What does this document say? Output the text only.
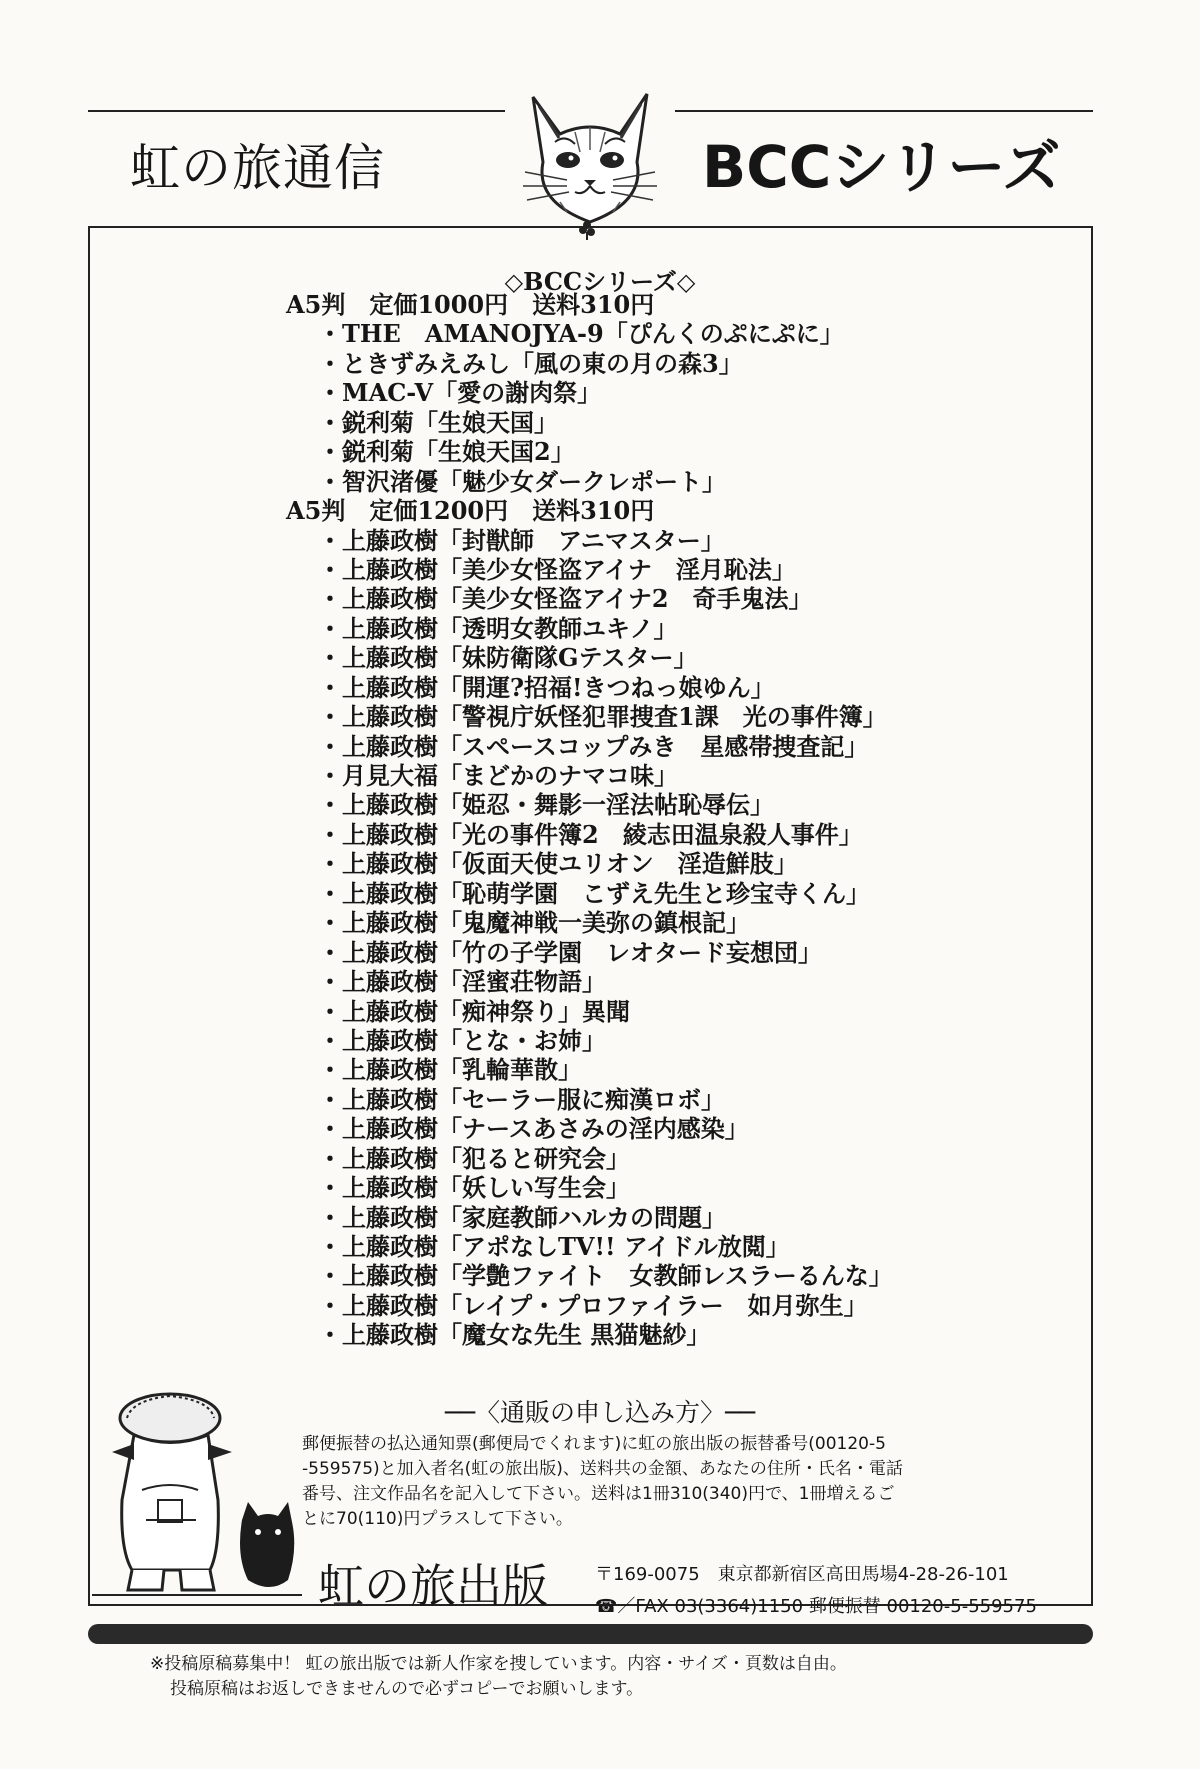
虹の旅通信	BCCシリーズ
◇BCCシリーズ◇
A5判　定価1000円　送料310円
・THE　AMANOJYA-9「ぴんくのぷにぷに」
・ときずみえみし「風の東の月の森3」
・MAC-V「愛の謝肉祭」
・鋭利菊「生娘天国」
・鋭利菊「生娘天国2」
・智沢渚優「魅少女ダークレポート」
A5判　定価1200円　送料310円
・上藤政樹「封獣師　アニマスター」
・上藤政樹「美少女怪盗アイナ　淫月恥法」
・上藤政樹「美少女怪盗アイナ2　奇手鬼法」
・上藤政樹「透明女教師ユキノ」
・上藤政樹「妹防衛隊Gテスター」
・上藤政樹「開運?招福!きつねっ娘ゆん」
・上藤政樹「警視庁妖怪犯罪捜査1課　光の事件簿」
・上藤政樹「スペースコップみき　星感帯捜査記」
・月見大福「まどかのナマコ味」
・上藤政樹「姫忍・舞影一淫法帖恥辱伝」
・上藤政樹「光の事件簿2　綾志田温泉殺人事件」
・上藤政樹「仮面天使ユリオン　淫造鮮肢」
・上藤政樹「恥萌学園　こずえ先生と珍宝寺くん」
・上藤政樹「鬼魔神戦一美弥の鎮根記」
・上藤政樹「竹の子学園　レオタード妄想団」
・上藤政樹「淫蜜荘物語」
・上藤政樹「痴神祭り」異聞
・上藤政樹「とな・お姉」
・上藤政樹「乳輪華散」
・上藤政樹「セーラー服に痴漢ロボ」
・上藤政樹「ナースあさみの淫内感染」
・上藤政樹「犯ると研究会」
・上藤政樹「妖しい写生会」
・上藤政樹「家庭教師ハルカの問題」
・上藤政樹「アポなしTV!! アイドル放閲」
・上藤政樹「学艶ファイト　女教師レスラーるんな」
・上藤政樹「レイプ・プロファイラー　如月弥生」
・上藤政樹「魔女な先生 黒猫魅紗」
──〈通販の申し込み方〉──
郵便振替の払込通知票(郵便局でくれます)に虹の旅出版の振替番号(00120-5
-559575)と加入者名(虹の旅出版)、送料共の金額、あなたの住所・氏名・電話
番号、注文作品名を記入して下さい。送料は1冊310(340)円で、1冊増えるご
とに70(110)円プラスして下さい。
虹の旅出版	〒169-0075　東京都新宿区高田馬場4-28-26-101
☎／FAX 03(3364)1150 郵便振替 00120-5-559575
※投稿原稿募集中！ 虹の旅出版では新人作家を捜しています。内容・サイズ・頁数は自由。
投稿原稿はお返しできませんので必ずコピーでお願いします。
